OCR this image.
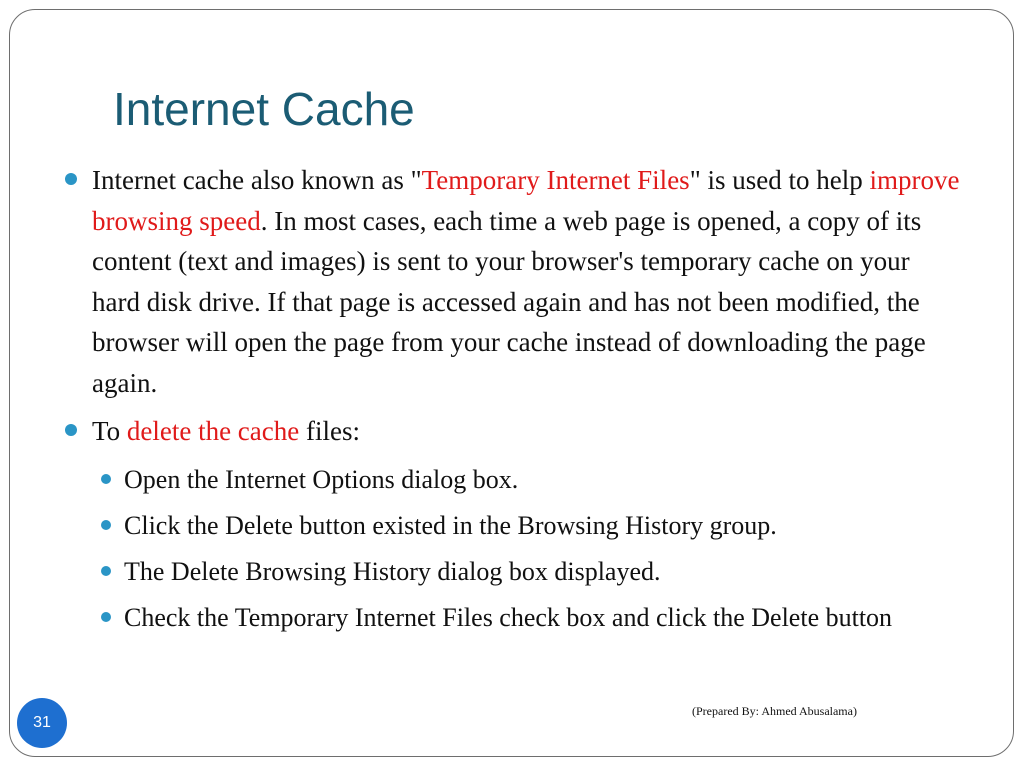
Internet Cache
Internet cache also known as "Temporary Internet Files" is used to help improve browsing speed. In most cases, each time a web page is opened, a copy of its content (text and images) is sent to your browser's temporary cache on your hard disk drive. If that page is accessed again and has not been modified, the browser will open the page from your cache instead of downloading the page again.
To delete the cache files:
Open the Internet Options dialog box.
Click the Delete button existed in the Browsing History group.
The Delete Browsing History dialog box displayed.
Check the Temporary Internet Files check box and click the Delete button
31
(Prepared By: Ahmed Abusalama)
